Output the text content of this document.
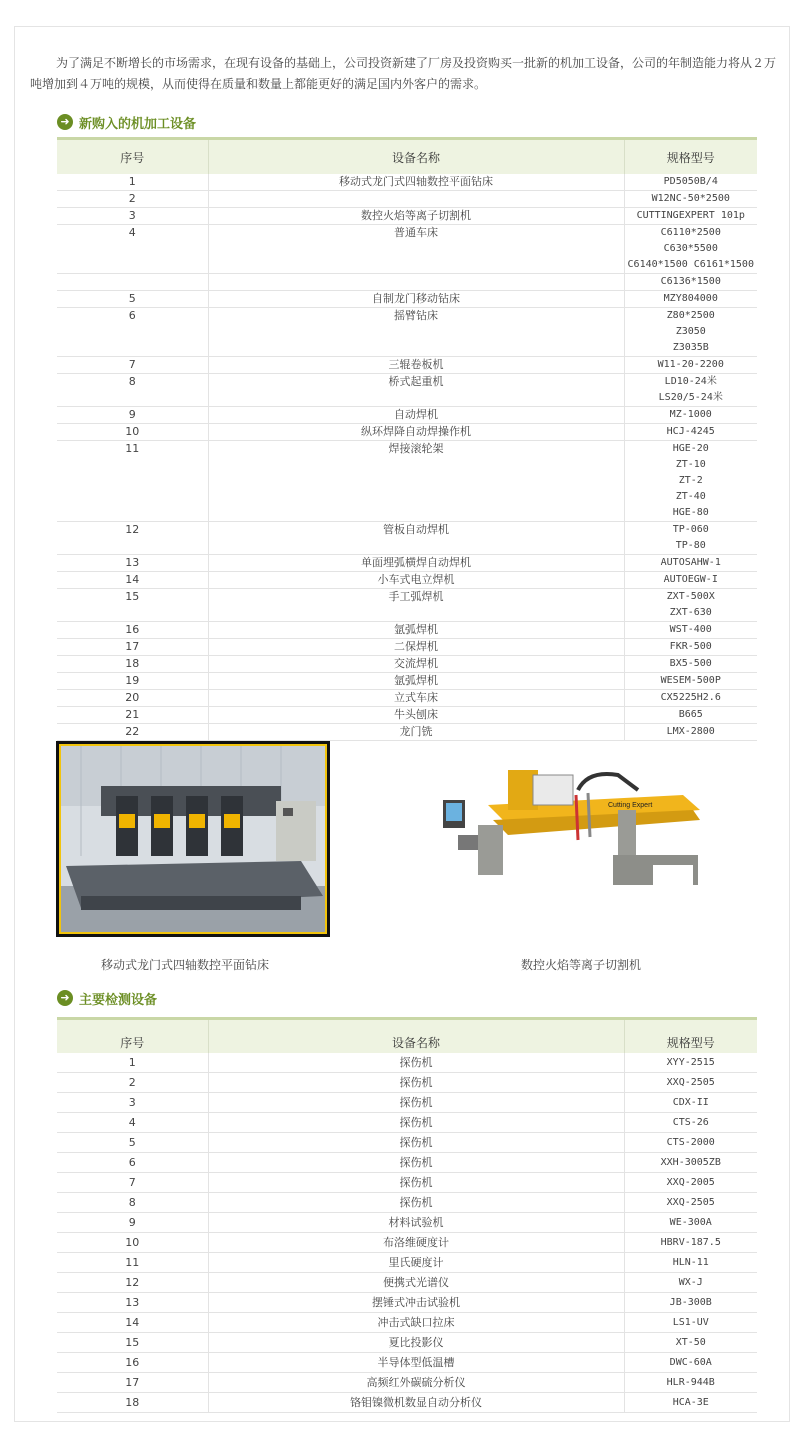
为了满足不断增长的市场需求，在现有设备的基础上，公司投资新建了厂房及投资购买一批新的机加工设备，公司的年制造能力将从２万吨增加到４万吨的规模，从而使得在质量和数量上都能更好的满足国内外客户的需求。

➜ 新购入的机加工设备
序号	设备名称	规格型号
1	移动式龙门式四轴数控平面钻床	PD5050B/4

2		W12NC-50*2500

3	数控火焰等离子切割机	CUTTINGEXPERT 101p

4	普通车床	C6110*2500
C630*5500
C6140*1500 C6161*1500

		C6136*1500

5	自制龙门移动钻床	MZY804000

6	摇臂钻床	Z80*2500
Z3050
Z3035B

7	三辊卷板机	W11-20-2200

8	桥式起重机	LD10-24米
LS20/5-24米

9	自动焊机	MZ-1000

10	纵环焊降自动焊操作机	HCJ-4245

11	焊接滚轮架	HGE-20
ZT-10
ZT-2
ZT-40
HGE-80

12	管板自动焊机	TP-060
TP-80

13	单面埋弧横焊自动焊机	AUTOSAHW-1

14	小车式电立焊机	AUTOEGW-I

15	手工弧焊机	ZXT-500X
ZXT-630

16	氩弧焊机	WST-400

17	二保焊机	FKR-500

18	交流焊机	BX5-500

19	氩弧焊机	WESEM-500P

20	立式车床	CX5225H2.6

21	牛头刨床	B665

22	龙门铣	LMX-2800
Cutting Expert
移动式龙门式四轴数控平面钻床	数控火焰等离子切割机
➜ 主要检测设备
序号	设备名称	规格型号
1	探伤机	XYY-2515
2	探伤机	XXQ-2505
3	探伤机	CDX-II
4	探伤机	CTS-26
5	探伤机	CTS-2000
6	探伤机	XXH-3005ZB
7	探伤机	XXQ-2005
8	探伤机	XXQ-2505
9	材料试验机	WE-300A
10	布洛维硬度计	HBRV-187.5
11	里氏硬度计	HLN-11
12	便携式光谱仪	WX-J
13	摆锤式冲击试验机	JB-300B
14	冲击式缺口拉床	LS1-UV
15	夏比投影仪	XT-50
16	半导体型低温槽	DWC-60A
17	高频红外碳硫分析仪	HLR-944B
18	铬钼镍微机数显自动分析仪	HCA-3E
